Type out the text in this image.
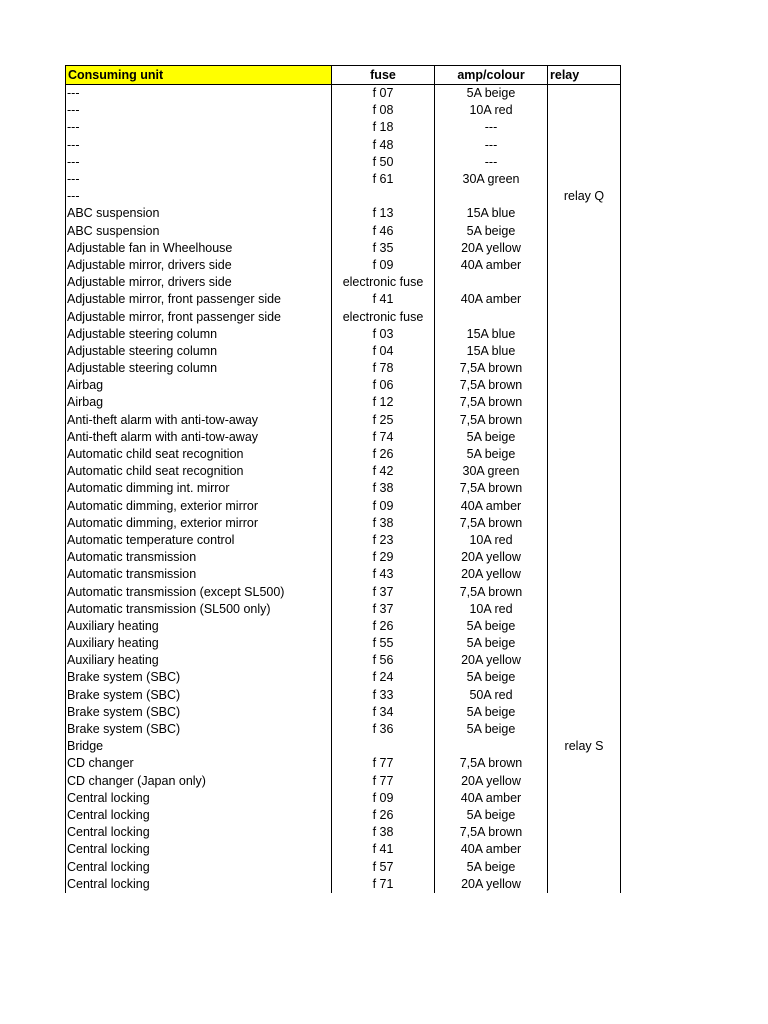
Consuming unit	fuse	amp/colour	relay
---	f 07	5A beige	
---	f 08	10A red	
---	f 18	---	
---	f 48	---	
---	f 50	---	
---	f 61	30A green	
---			relay Q
ABC suspension	f 13	15A blue	
ABC suspension	f 46	5A beige	
Adjustable fan in Wheelhouse	f 35	20A yellow	
Adjustable mirror, drivers side	f 09	40A amber	
Adjustable mirror, drivers side	electronic fuse		
Adjustable mirror, front passenger side	f 41	40A amber	
Adjustable mirror, front passenger side	electronic fuse		
Adjustable steering column	f 03	15A blue	
Adjustable steering column	f 04	15A blue	
Adjustable steering column	f 78	7,5A brown	
Airbag	f 06	7,5A brown	
Airbag	f 12	7,5A brown	
Anti-theft alarm with anti-tow-away	f 25	7,5A brown	
Anti-theft alarm with anti-tow-away	f 74	5A beige	
Automatic child seat recognition	f 26	5A beige	
Automatic child seat recognition	f 42	30A green	
Automatic dimming int. mirror	f 38	7,5A brown	
Automatic dimming, exterior mirror	f 09	40A amber	
Automatic dimming, exterior mirror	f 38	7,5A brown	
Automatic temperature control	f 23	10A red	
Automatic transmission	f 29	20A yellow	
Automatic transmission	f 43	20A yellow	
Automatic transmission (except SL500)	f 37	7,5A brown	
Automatic transmission (SL500 only)	f 37	10A red	
Auxiliary heating	f 26	5A beige	
Auxiliary heating	f 55	5A beige	
Auxiliary heating	f 56	20A yellow	
Brake system (SBC)	f 24	5A beige	
Brake system (SBC)	f 33	50A red	
Brake system (SBC)	f 34	5A beige	
Brake system (SBC)	f 36	5A beige	
Bridge			relay S
CD changer	f 77	7,5A brown	
CD changer (Japan only)	f 77	20A yellow	
Central locking	f 09	40A amber	
Central locking	f 26	5A beige	
Central locking	f 38	7,5A brown	
Central locking	f 41	40A amber	
Central locking	f 57	5A beige	
Central locking	f 71	20A yellow	
